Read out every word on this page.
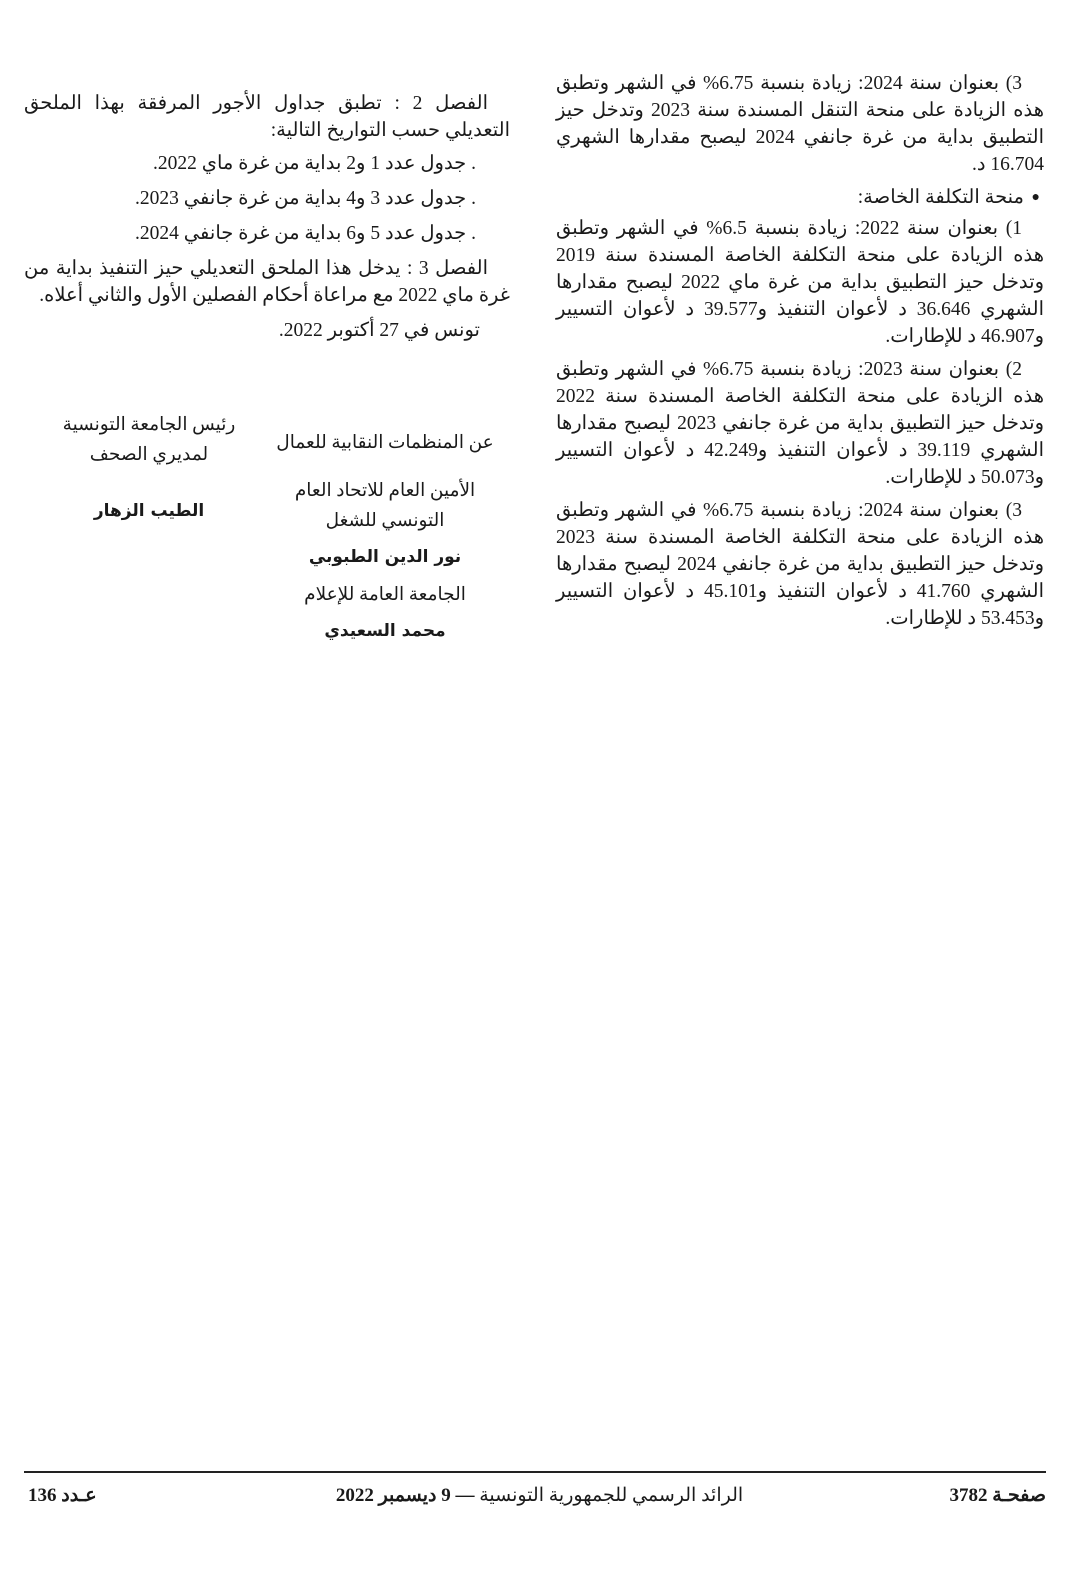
3) بعنوان سنة 2024: زيادة بنسبة 6.75% في الشهر وتطبق هذه الزيادة على منحة التنقل المسندة سنة 2023 وتدخل حيز التطبيق بداية من غرة جانفي 2024 ليصبح مقدارها الشهري 16.704 د.

●
منحة التكلفة الخاصة:

1) بعنوان سنة 2022: زيادة بنسبة 6.5% في الشهر وتطبق هذه الزيادة على منحة التكلفة الخاصة المسندة سنة 2019 وتدخل حيز التطبيق بداية من غرة ماي 2022 ليصبح مقدارها الشهري 36.646 د لأعوان التنفيذ و39.577 د لأعوان التسيير و46.907 د للإطارات.

2) بعنوان سنة 2023: زيادة بنسبة 6.75% في الشهر وتطبق هذه الزيادة على منحة التكلفة الخاصة المسندة سنة 2022 وتدخل حيز التطبيق بداية من غرة جانفي 2023 ليصبح مقدارها الشهري 39.119 د لأعوان التنفيذ و42.249 د لأعوان التسيير و50.073 د للإطارات.

3) بعنوان سنة 2024: زيادة بنسبة 6.75% في الشهر وتطبق هذه الزيادة على منحة التكلفة الخاصة المسندة سنة 2023 وتدخل حيز التطبيق بداية من غرة جانفي 2024 ليصبح مقدارها الشهري 41.760 د لأعوان التنفيذ و45.101 د لأعوان التسيير و53.453 د للإطارات.

الفصل 2 : تطبق جداول الأجور المرفقة بهذا الملحق التعديلي حسب التواريخ التالية:

. جدول عدد 1 و2 بداية من غرة ماي 2022.
. جدول عدد 3 و4 بداية من غرة جانفي 2023.
. جدول عدد 5 و6 بداية من غرة جانفي 2024.

الفصل 3 : يدخل هذا الملحق التعديلي حيز التنفيذ بداية من غرة ماي 2022 مع مراعاة أحكام الفصلين الأول والثاني أعلاه.

تونس في 27 أكتوبر 2022.
عن المنظمات النقابية للعمال
الأمين العام للاتحاد العام
التونسي للشغل
نور الدين الطبوبي
الجامعة العامة للإعلام
محمد السعيدي
رئيس الجامعة التونسية
لمديري الصحف
الطيب الزهار
صفحـة 3782
الرائد الرسمي للجمهورية التونسية — 9 ديسمبر 2022
عـدد 136
